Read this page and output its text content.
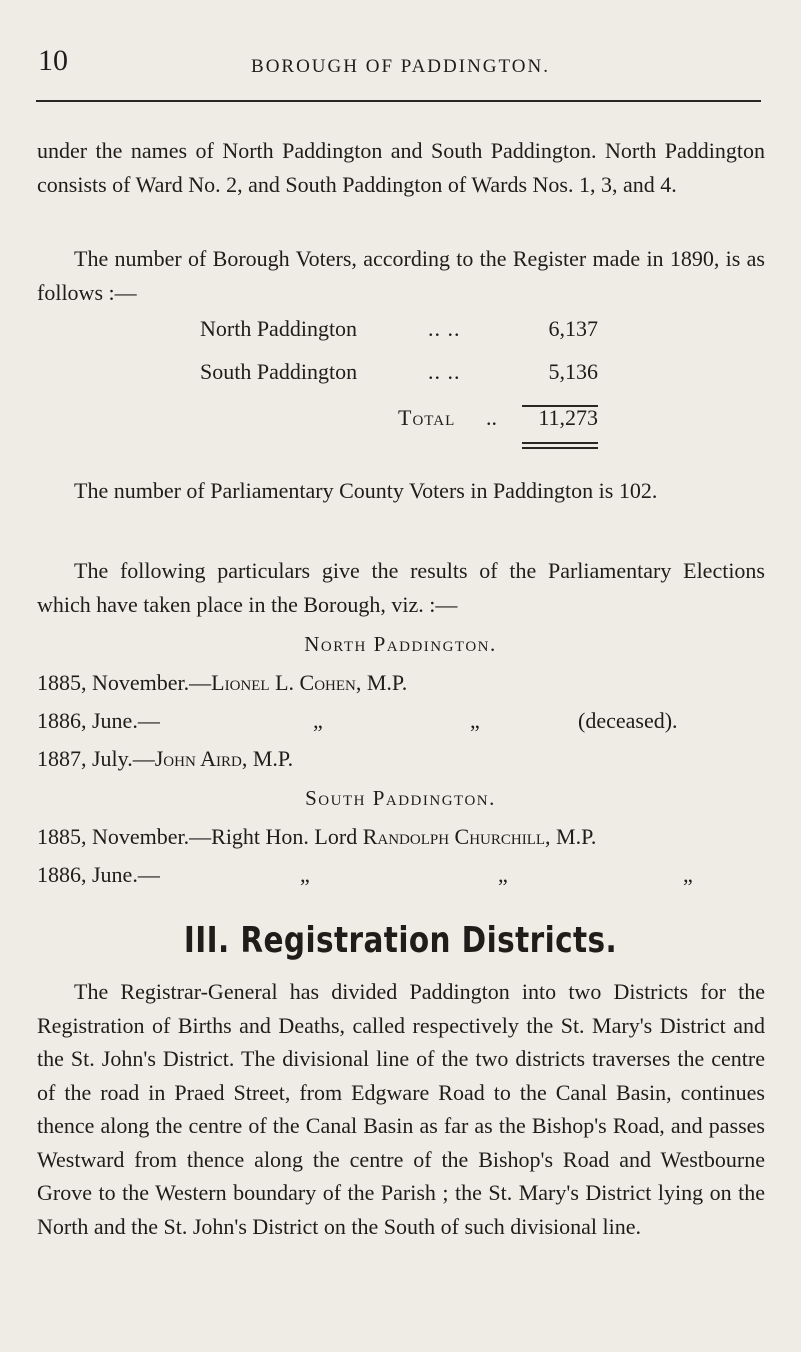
10	BOROUGH OF PADDINGTON.

under the names of North Paddington and South Paddington. North Paddington consists of Ward No. 2, and South Paddington of Wards Nos. 1, 3, and 4.

The number of Borough Voters, according to the Register made in 1890, is as follows :—

North Paddington	.. ..	6,137
South Paddington	.. ..	5,136
Total ..	11,273

The number of Parliamentary County Voters in Paddington is 102.

The following particulars give the results of the Parliamentary Elections which have taken place in the Borough, viz. :—

North Paddington.
1885, November.—Lionel L. Cohen, M.P.
1886, June.—	„	„	(deceased).
1887, July.—John Aird, M.P.
South Paddington.
1885, November.—Right Hon. Lord Randolph Churchill, M.P.
1886, June.—	„	„	„
III. Registration Districts.

The Registrar-General has divided Paddington into two Districts for the Registration of Births and Deaths, called respectively the St. Mary's District and the St. John's District. The divisional line of the two districts traverses the centre of the road in Praed Street, from Edgware Road to the Canal Basin, continues thence along the centre of the Canal Basin as far as the Bishop's Road, and passes Westward from thence along the centre of the Bishop's Road and Westbourne Grove to the Western boundary of the Parish ; the St. Mary's District lying on the North and the St. John's District on the South of such divisional line.
